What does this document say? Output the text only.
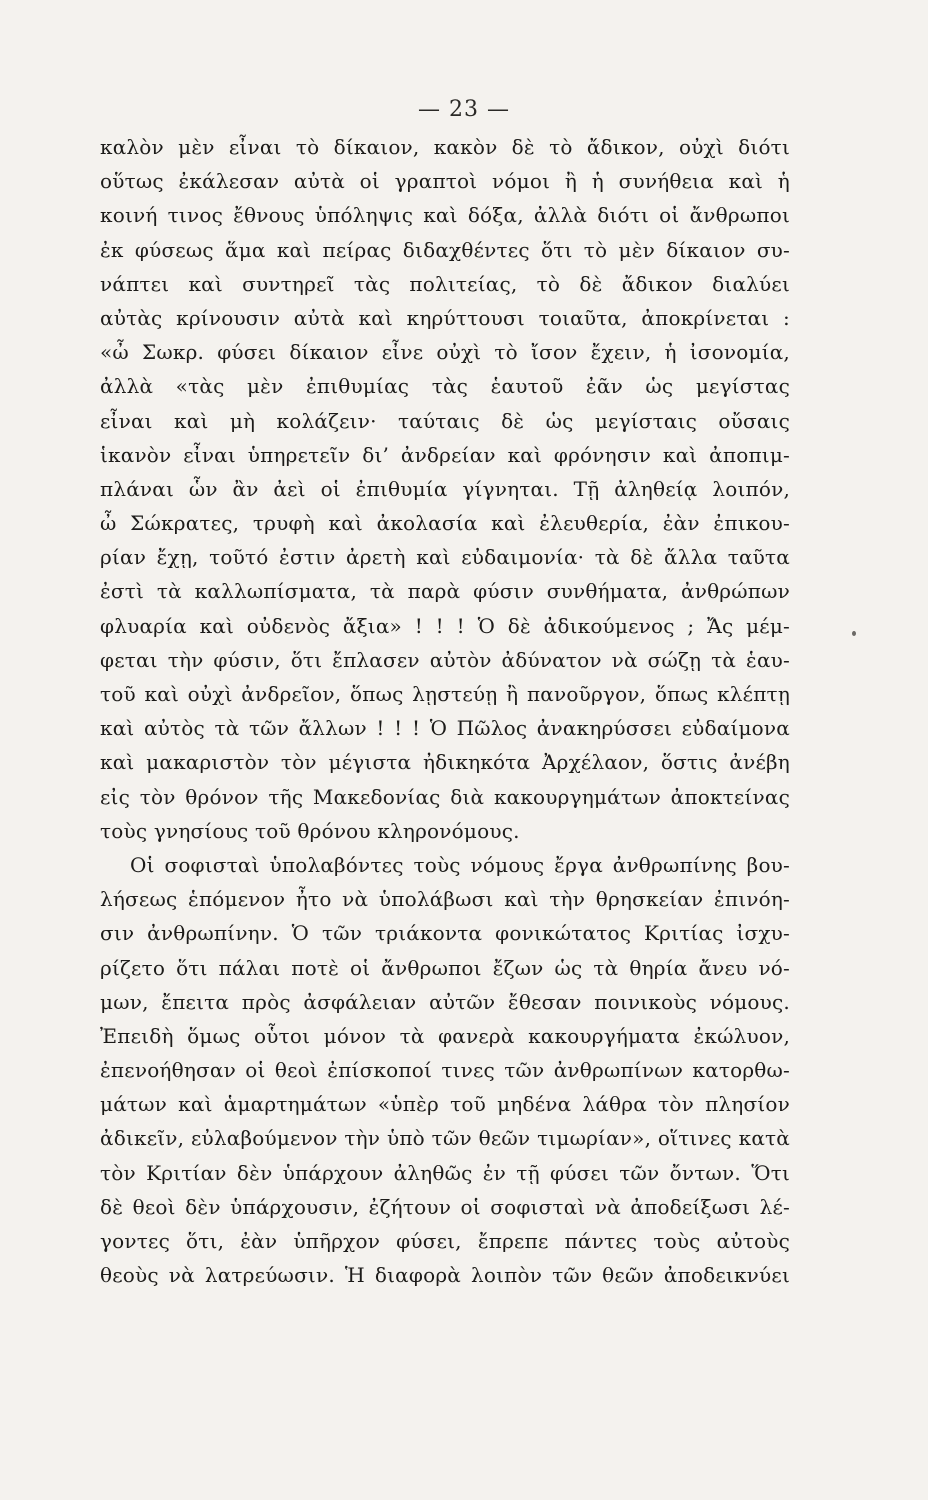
— 23 —
καλὸν μὲν εἶναι τὸ δίκαιον, κακὸν δὲ τὸ ἄδικον, οὐχὶ διότι
οὕτως ἐκάλεσαν αὐτὰ οἱ γραπτοὶ νόμοι ἢ ἡ συνήθεια καὶ ἡ
κοινή τινος ἔθνους ὑπόληψις καὶ δόξα, ἀλλὰ διότι οἱ ἄνθρωποι
ἐκ φύσεως ἅμα καὶ πείρας διδαχθέντες ὅτι τὸ μὲν δίκαιον συ-
νάπτει καὶ συντηρεῖ τὰς πολιτείας, τὸ δὲ ἄδικον διαλύει
αὐτὰς κρίνουσιν αὐτὰ καὶ κηρύττουσι τοιαῦτα, ἀποκρίνεται :
«ὦ Σωκρ. φύσει δίκαιον εἶνε οὐχὶ τὸ ἴσον ἔχειν, ἡ ἰσονομία,
ἀλλὰ «τὰς μὲν ἐπιθυμίας τὰς ἑαυτοῦ ἐᾶν ὡς μεγίστας
εἶναι καὶ μὴ κολάζειν· ταύταις δὲ ὡς μεγίσταις οὔσαις
ἱκανὸν εἶναι ὑπηρετεῖν δι’ ἀνδρείαν καὶ φρόνησιν καὶ ἀποπιμ-
πλάναι ὧν ἂν ἀεὶ οἱ ἐπιθυμία γίγνηται. Τῇ ἀληθείᾳ λοιπόν,
ὦ Σώκρατες, τρυφὴ καὶ ἀκολασία καὶ ἐλευθερία, ἐὰν ἐπικου-
ρίαν ἔχῃ, τοῦτό ἐστιν ἀρετὴ καὶ εὐδαιμονία· τὰ δὲ ἄλλα ταῦτα
ἐστὶ τὰ καλλωπίσματα, τὰ παρὰ φύσιν συνθήματα, ἀνθρώπων
φλυαρία καὶ οὐδενὸς ἄξια» ! ! ! Ὁ δὲ ἀδικούμενος ; Ἄς μέμ-
φεται τὴν φύσιν, ὅτι ἔπλασεν αὐτὸν ἀδύνατον νὰ σώζῃ τὰ ἑαυ-
τοῦ καὶ οὐχὶ ἀνδρεῖον, ὅπως λῃστεύῃ ἢ πανοῦργον, ὅπως κλέπτῃ
καὶ αὐτὸς τὰ τῶν ἄλλων ! ! ! Ὁ Πῶλος ἀνακηρύσσει εὐδαίμονα
καὶ μακαριστὸν τὸν μέγιστα ἠδικηκότα Ἀρχέλαον, ὅστις ἀνέβη
εἰς τὸν θρόνον τῆς Μακεδονίας διὰ κακουργημάτων ἀποκτείνας
τοὺς γνησίους τοῦ θρόνου κληρονόμους.
Οἱ σοφισταὶ ὑπολαβόντες τοὺς νόμους ἔργα ἀνθρωπίνης βου-
λήσεως ἑπόμενον ἦτο νὰ ὑπολάβωσι καὶ τὴν θρησκείαν ἐπινόη-
σιν ἀνθρωπίνην. Ὁ τῶν τριάκοντα φονικώτατος Κριτίας ἰσχυ-
ρίζετο ὅτι πάλαι ποτὲ οἱ ἄνθρωποι ἔζων ὡς τὰ θηρία ἄνευ νό-
μων, ἔπειτα πρὸς ἀσφάλειαν αὐτῶν ἔθεσαν ποινικοὺς νόμους.
Ἐπειδὴ ὅμως οὗτοι μόνον τὰ φανερὰ κακουργήματα ἐκώλυον,
ἐπενοήθησαν οἱ θεοὶ ἐπίσκοποί τινες τῶν ἀνθρωπίνων κατορθω-
μάτων καὶ ἁμαρτημάτων «ὑπὲρ τοῦ μηδένα λάθρα τὸν πλησίον
ἀδικεῖν, εὐλαβούμενον τὴν ὑπὸ τῶν θεῶν τιμωρίαν», οἵτινες κατὰ
τὸν Κριτίαν δὲν ὑπάρχουν ἀληθῶς ἐν τῇ φύσει τῶν ὄντων. Ὅτι
δὲ θεοὶ δὲν ὑπάρχουσιν, ἐζήτουν οἱ σοφισταὶ νὰ ἀποδείξωσι λέ-
γοντες ὅτι, ἐὰν ὑπῆρχον φύσει, ἔπρεπε πάντες τοὺς αὐτοὺς
θεοὺς νὰ λατρεύωσιν. Ἡ διαφορὰ λοιπὸν τῶν θεῶν ἀποδεικνύει
